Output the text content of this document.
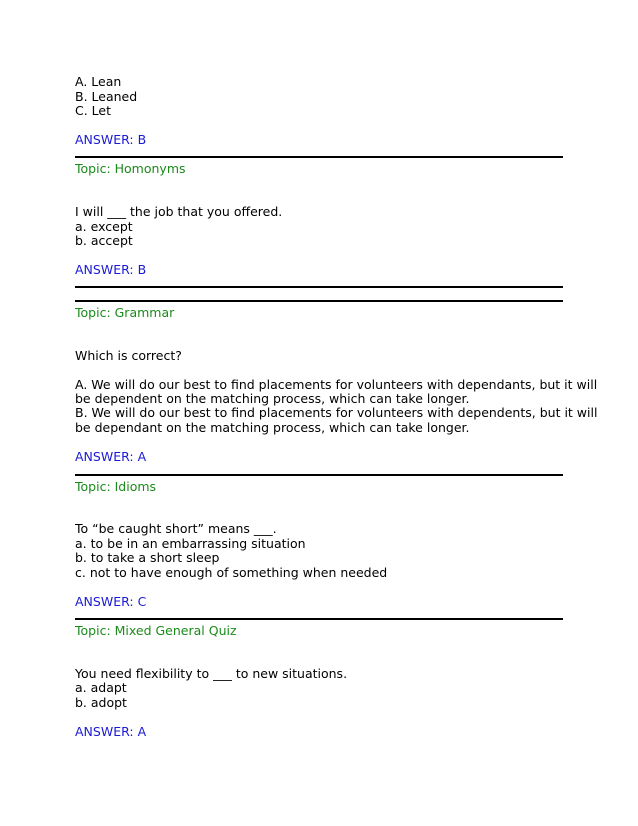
A. Lean
B. Leaned
C. Let
ANSWER: B
Topic: Homonyms
I will ___ the job that you offered.
a. except
b. accept
ANSWER: B
Topic: Grammar
Which is correct?
A. We will do our best to find placements for volunteers with dependants, but it will
be dependent on the matching process, which can take longer.
B. We will do our best to find placements for volunteers with dependents, but it will
be dependant on the matching process, which can take longer.
ANSWER: A
Topic: Idioms
To “be caught short” means ___.
a. to be in an embarrassing situation
b. to take a short sleep
c. not to have enough of something when needed
ANSWER: C
Topic: Mixed General Quiz
You need flexibility to ___ to new situations.
a. adapt
b. adopt
ANSWER: A
